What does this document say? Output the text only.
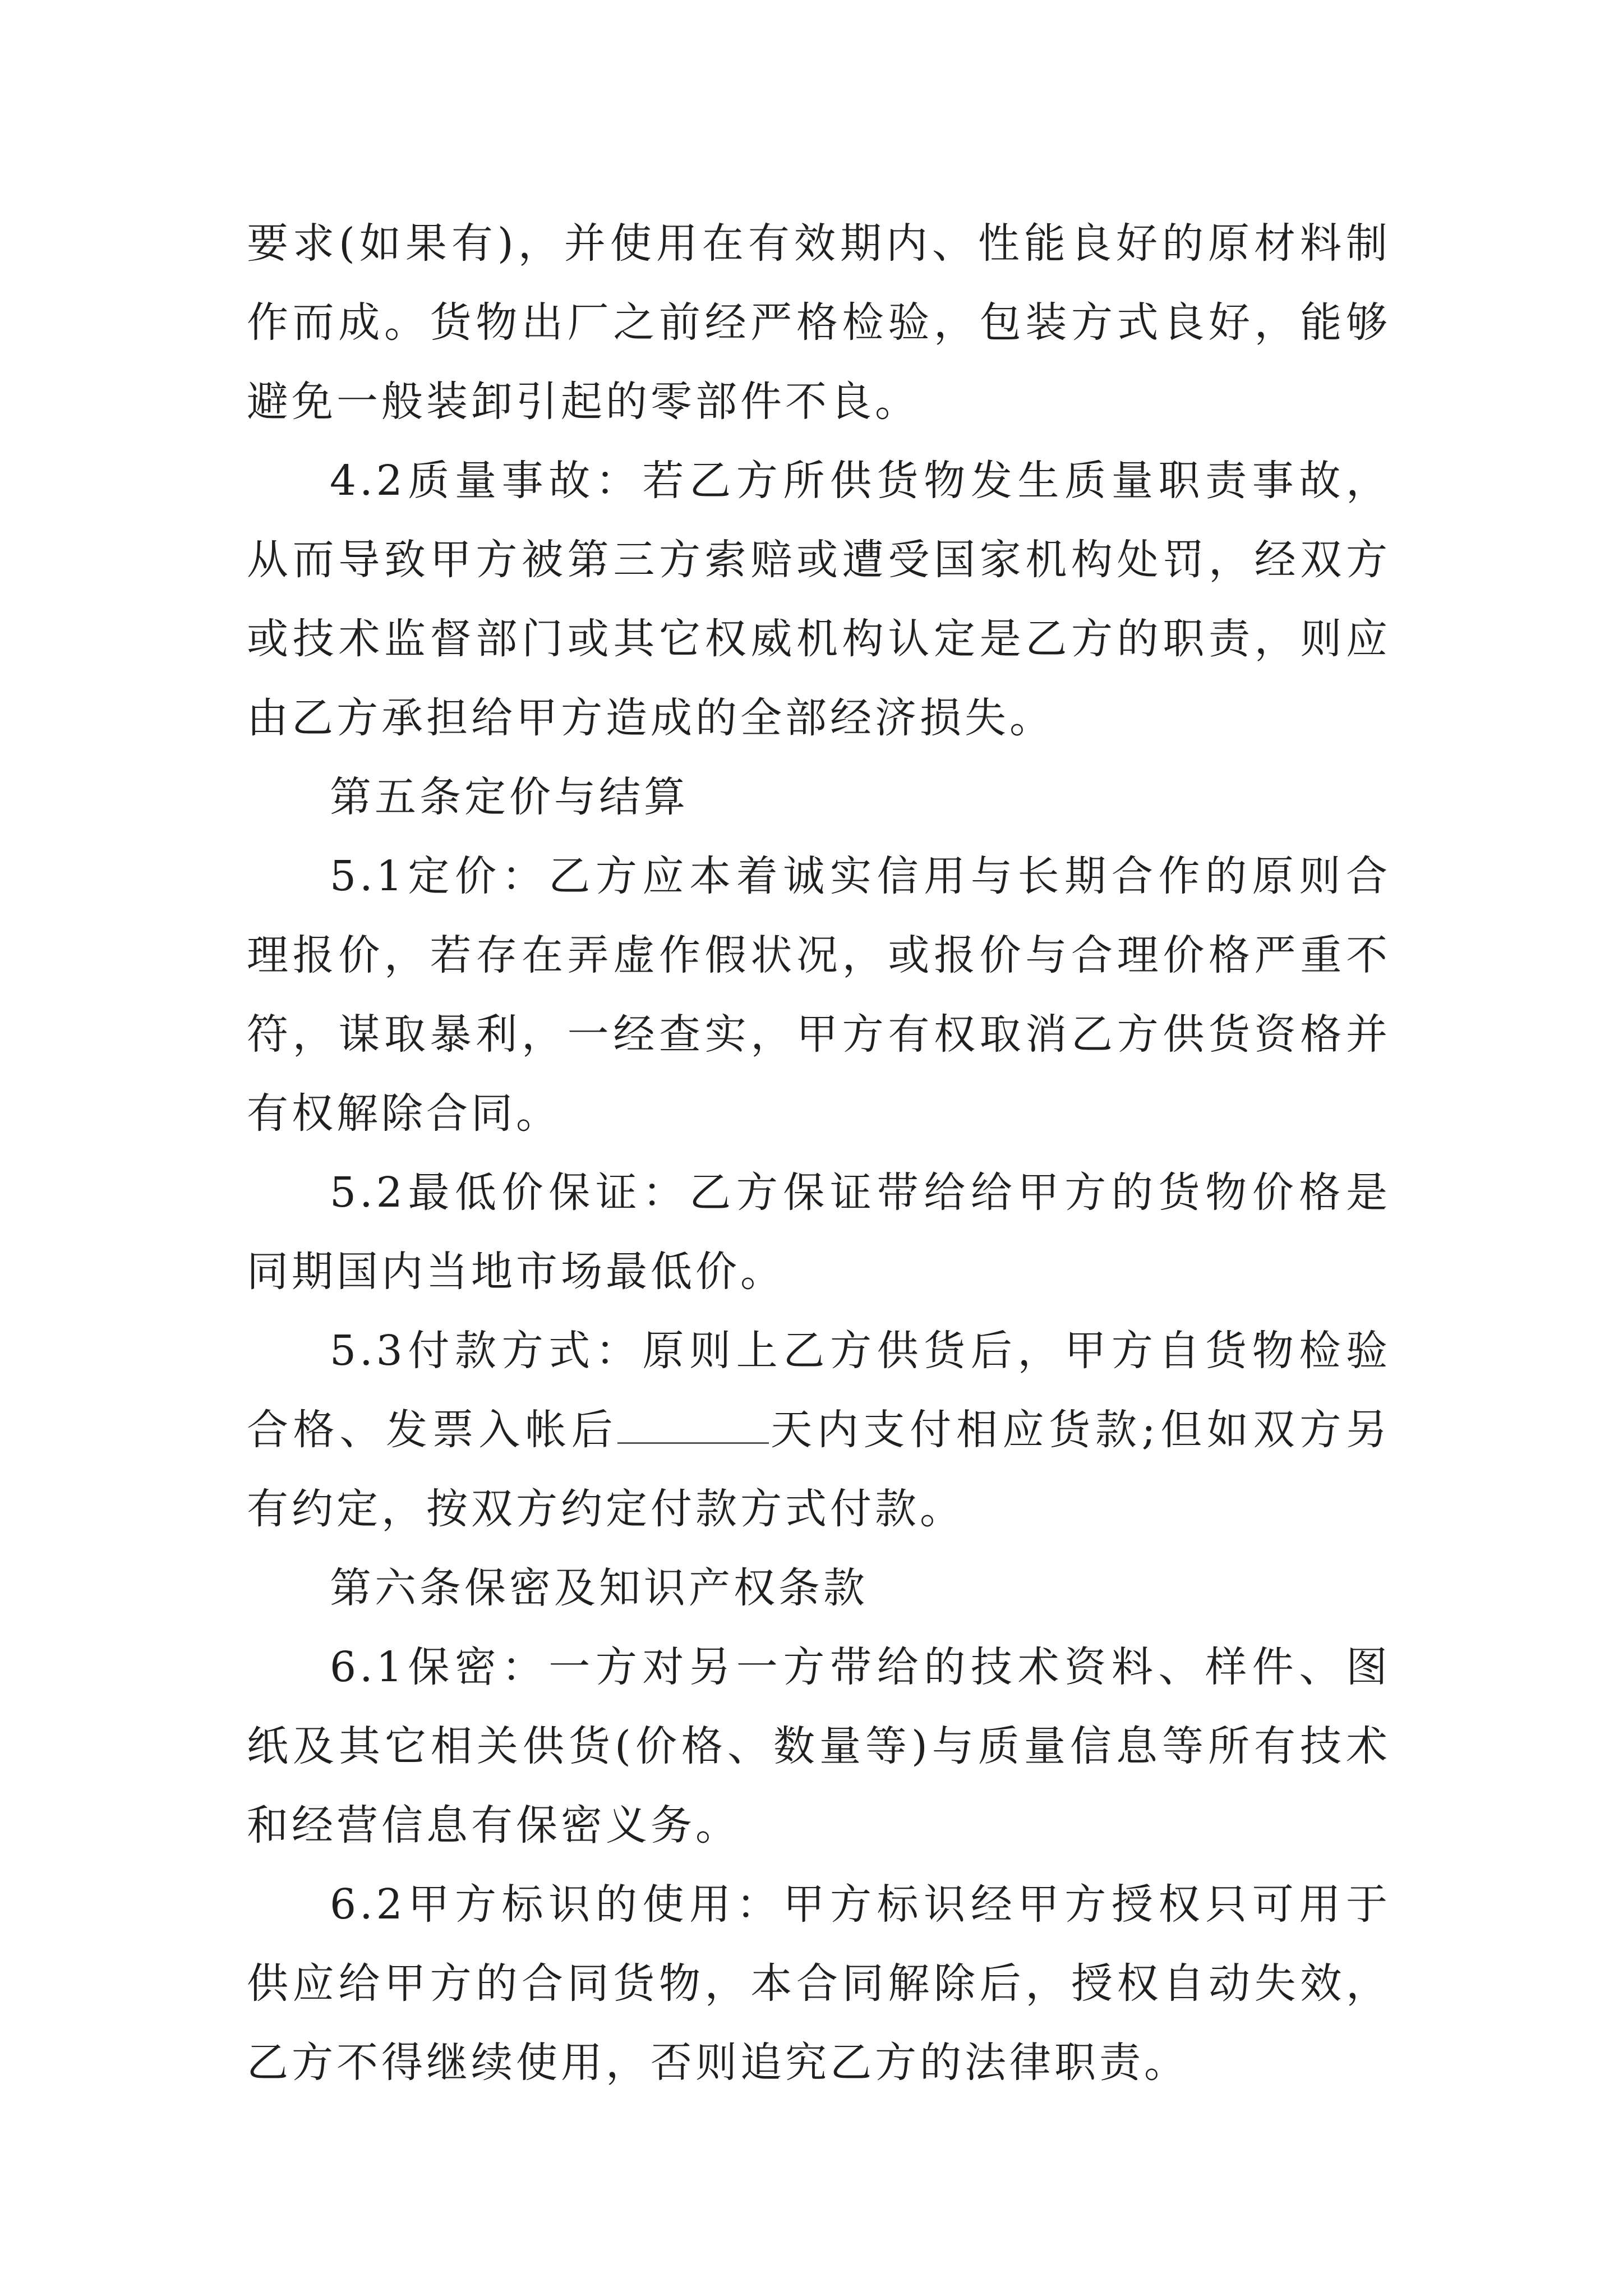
要求(如果有)，并使用在有效期内、性能良好的原材料制作而成。货物出厂之前经严格检验，包装方式良好，能够避免一般装卸引起的零部件不良。

4.2质量事故：若乙方所供货物发生质量职责事故，从而导致甲方被第三方索赔或遭受国家机构处罚，经双方或技术监督部门或其它权威机构认定是乙方的职责，则应由乙方承担给甲方造成的全部经济损失。

第五条定价与结算

5.1定价：乙方应本着诚实信用与长期合作的原则合理报价，若存在弄虚作假状况，或报价与合理价格严重不符，谋取暴利，一经查实，甲方有权取消乙方供货资格并有权解除合同。

5.2最低价保证：乙方保证带给给甲方的货物价格是同期国内当地市场最低价。

5.3付款方式：原则上乙方供货后，甲方自货物检验合格、发票入帐后	天内支付相应货款;但如双方另有约定，按双方约定付款方式付款。

第六条保密及知识产权条款

6.1保密：一方对另一方带给的技术资料、样件、图纸及其它相关供货(价格、数量等)与质量信息等所有技术和经营信息有保密义务。

6.2甲方标识的使用：甲方标识经甲方授权只可用于供应给甲方的合同货物，本合同解除后，授权自动失效，乙方不得继续使用，否则追究乙方的法律职责。
